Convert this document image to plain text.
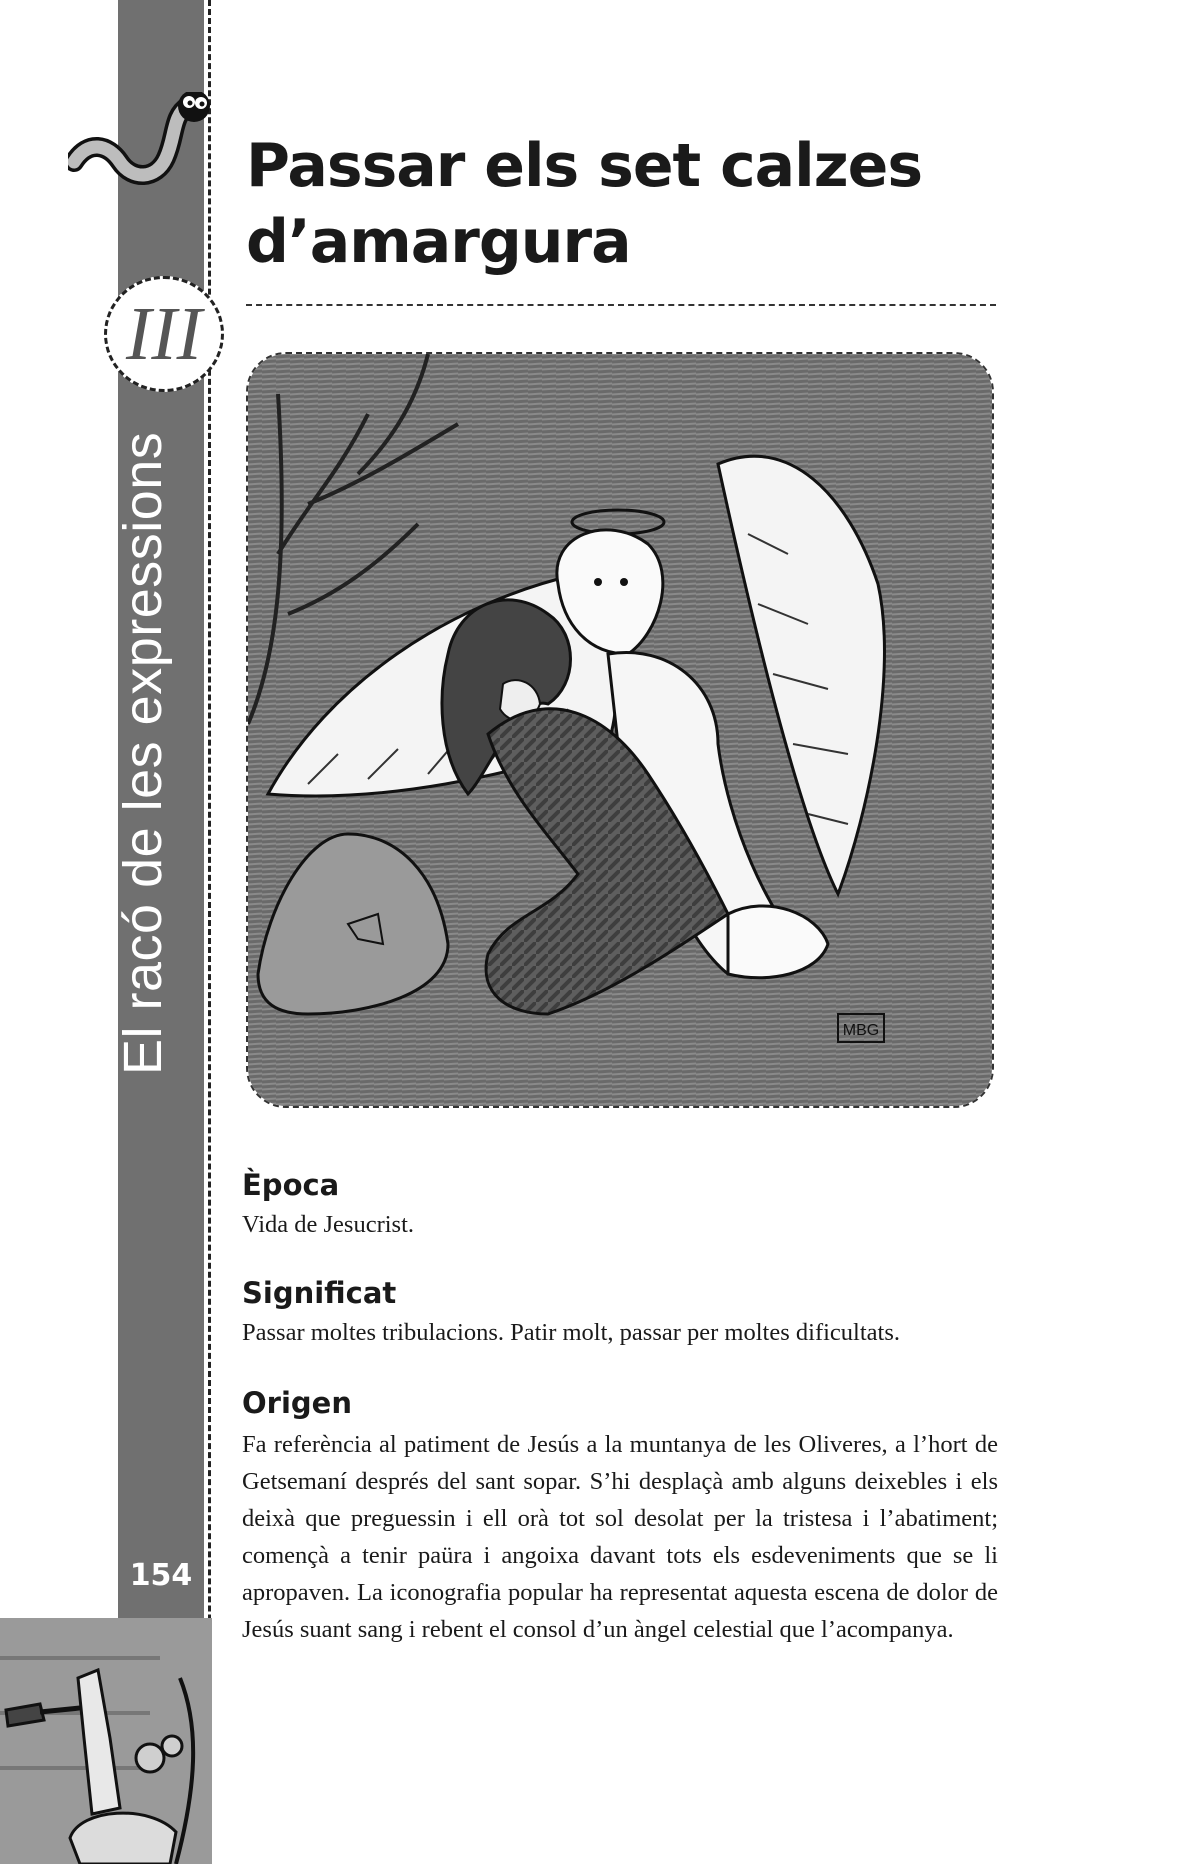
El racó de les expressions
III
154
Passar els set calzes
d’amargura
MBG
Època
Vida de Jesucrist.
Significat
Passar moltes tribulacions. Patir molt, passar per moltes dificultats.
Origen
Fa referència al patiment de Jesús a la muntanya de les Oliveres, a l’hort de Getsemaní després del sant sopar. S’hi desplaçà amb alguns deixebles i els deixà que preguessin i ell orà tot sol desolat per la tristesa i l’abatiment; començà a tenir paüra i angoixa davant tots els esdeveniments que se li apropaven. La iconografia popular ha representat aquesta escena de dolor de Jesús suant sang i rebent el consol d’un àngel celestial que l’acompanya.
